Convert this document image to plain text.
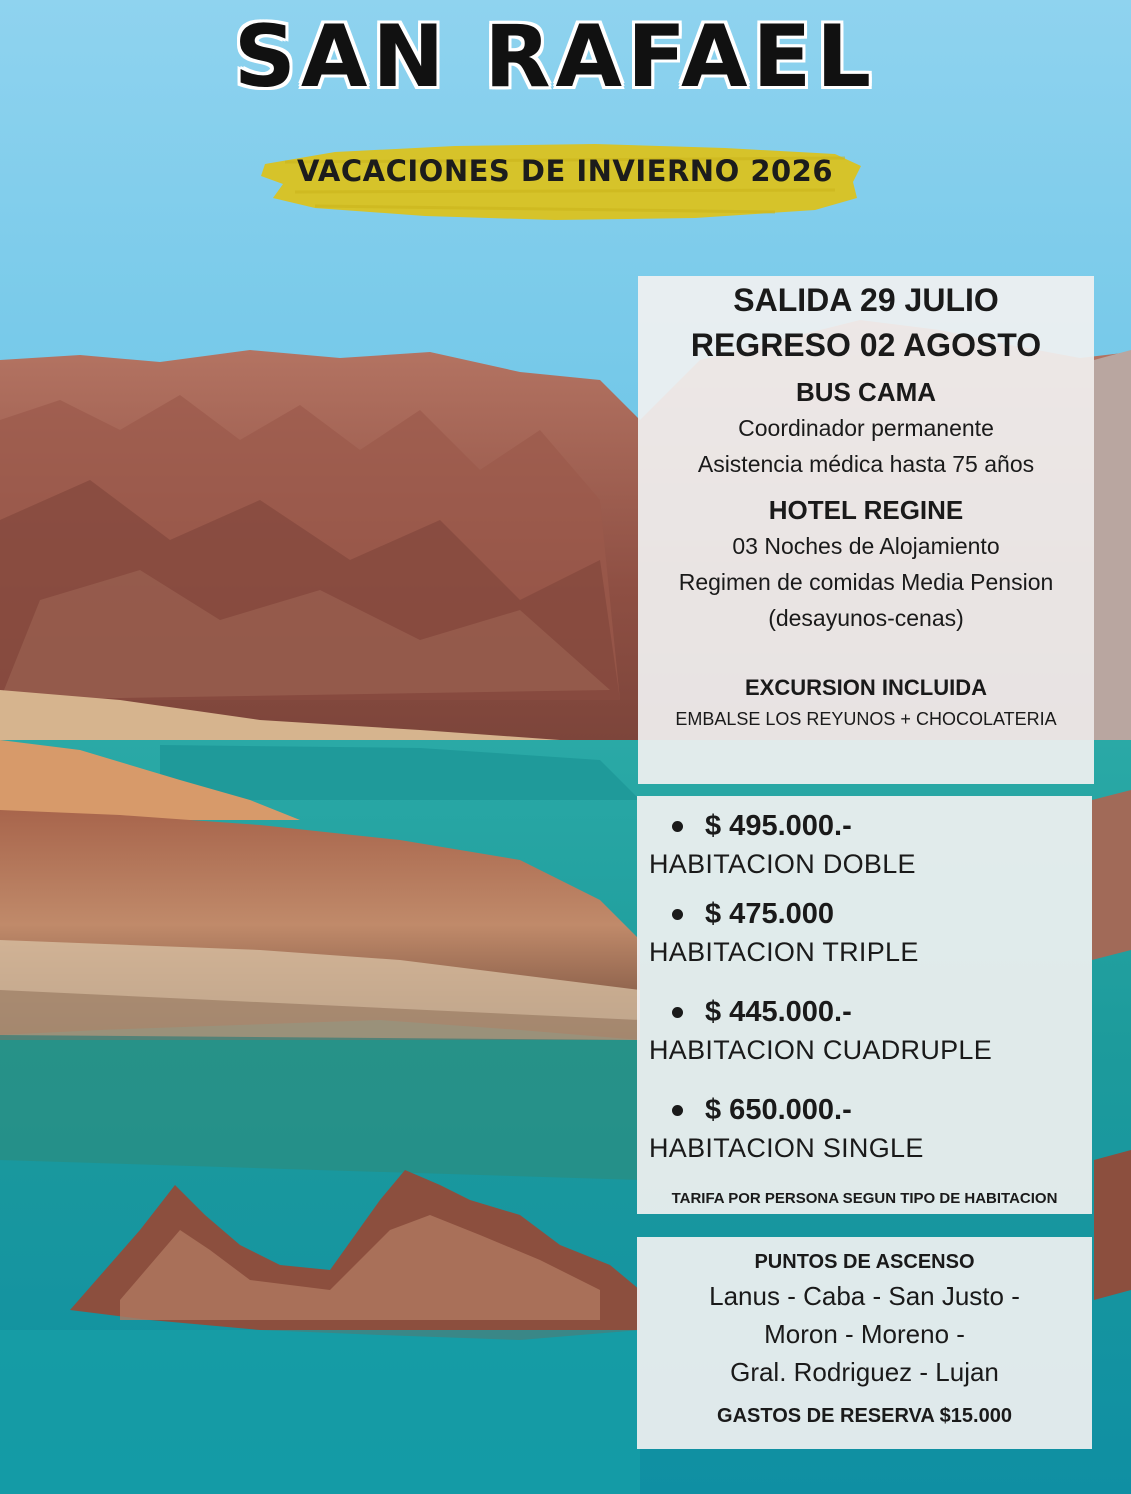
SAN RAFAEL
VACACIONES DE INVIERNO 2026
SALIDA 29 JULIO
REGRESO 02 AGOSTO
BUS CAMA
Coordinador permanente
Asistencia médica hasta 75 años
HOTEL REGINE
03 Noches de Alojamiento
Regimen de comidas Media Pension
(desayunos-cenas)
EXCURSION INCLUIDA
EMBALSE LOS REYUNOS + CHOCOLATERIA
$ 495.000.-
HABITACION DOBLE
$ 475.000
HABITACION TRIPLE
$ 445.000.-
HABITACION CUADRUPLE
$ 650.000.-
HABITACION SINGLE
TARIFA POR PERSONA SEGUN TIPO DE HABITACION
PUNTOS DE ASCENSO
Lanus - Caba - San Justo -
Moron - Moreno -
Gral. Rodriguez - Lujan
GASTOS DE RESERVA $15.000
